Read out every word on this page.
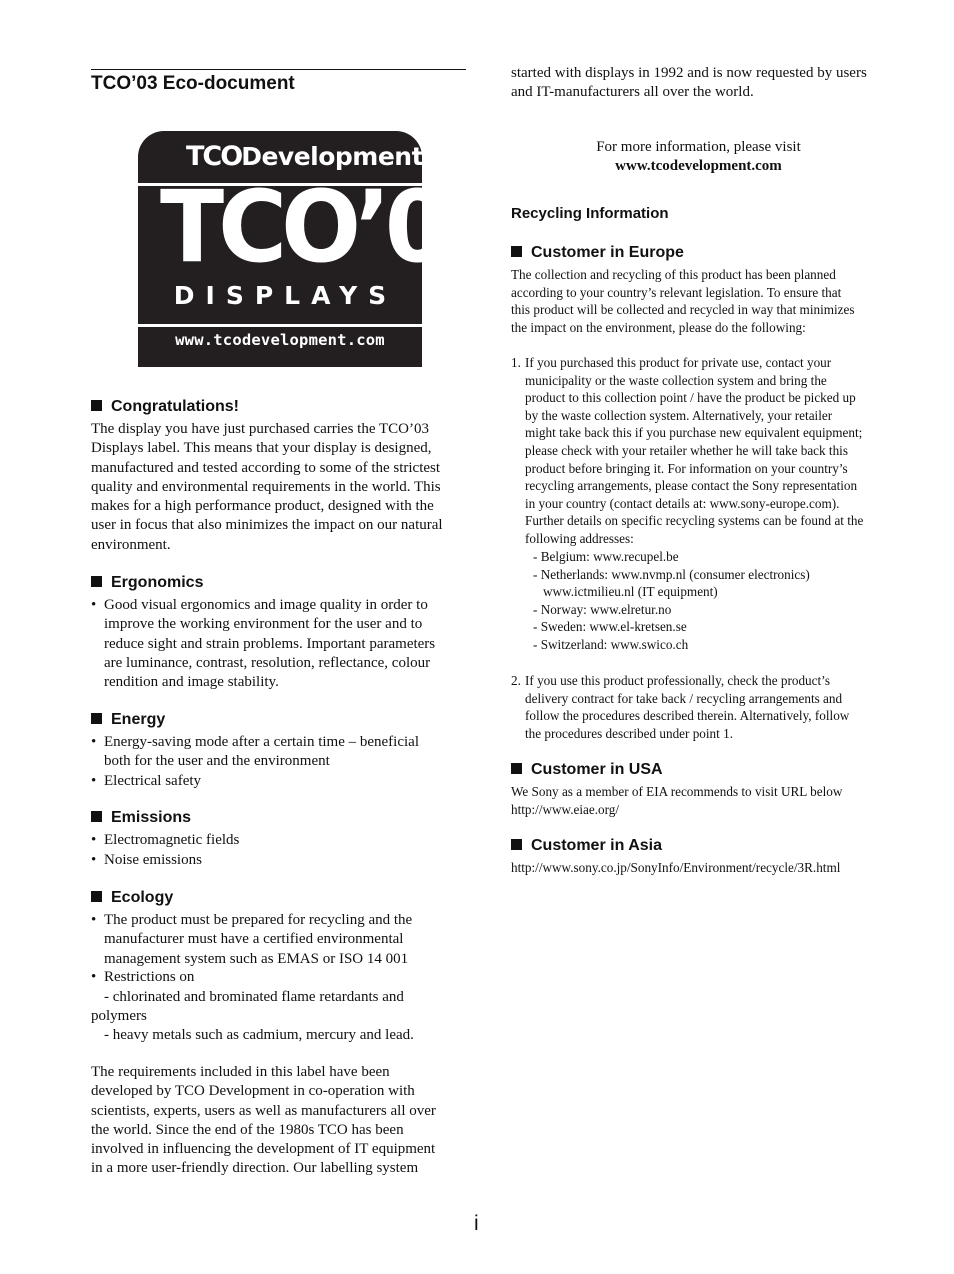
TCO’03 Eco-document
TCODevelopment
TCO’03
DISPLAYS
www.tcodevelopment.com
Congratulations!
The display you have just purchased carries the TCO’03
Displays label. This means that your display is designed,
manufactured and tested according to some of the strictest
quality and environmental requirements in the world. This
makes for a high performance product, designed with the
user in focus that also minimizes the impact on our natural
environment.
Ergonomics
• Good visual ergonomics and image quality in order to
improve the working environment for the user and to
reduce sight and strain problems. Important parameters
are luminance, contrast, resolution, reflectance, colour
rendition and image stability.
Energy
• Energy-saving mode after a certain time – beneficial
both for the user and the environment
• Electrical safety
Emissions
• Electromagnetic fields
• Noise emissions
Ecology
• The product must be prepared for recycling and the
manufacturer must have a certified environmental
management system such as EMAS or ISO 14 001
• Restrictions on
- chlorinated and brominated flame retardants and
polymers
- heavy metals such as cadmium, mercury and lead.
The requirements included in this label have been
developed by TCO Development in co-operation with
scientists, experts, users as well as manufacturers all over
the world. Since the end of the 1980s TCO has been
involved in influencing the development of IT equipment
in a more user-friendly direction. Our labelling system
started with displays in 1992 and is now requested by users
and IT-manufacturers all over the world.
For more information, please visit
www.tcodevelopment.com
Recycling Information
Customer in Europe
The collection and recycling of this product has been planned
according to your country’s relevant legislation. To ensure that
this product will be collected and recycled in way that minimizes
the impact on the environment, please do the following:
1. If you purchased this product for private use, contact your
municipality or the waste collection system and bring the
product to this collection point / have the product be picked up
by the waste collection system. Alternatively, your retailer
might take back this if you purchase new equivalent equipment;
please check with your retailer whether he will take back this
product before bringing it. For information on your country’s
recycling arrangements, please contact the Sony representation
in your country (contact details at: www.sony-europe.com).
Further details on specific recycling systems can be found at the
following addresses:
- Belgium: www.recupel.be
- Netherlands: www.nvmp.nl (consumer electronics)
www.ictmilieu.nl (IT equipment)
- Norway: www.elretur.no
- Sweden: www.el-kretsen.se
- Switzerland: www.swico.ch
2. If you use this product professionally, check the product’s
delivery contract for take back / recycling arrangements and
follow the procedures described therein. Alternatively, follow
the procedures described under point 1.
Customer in USA
We Sony as a member of EIA recommends to visit URL below
http://www.eiae.org/
Customer in Asia
http://www.sony.co.jp/SonyInfo/Environment/recycle/3R.html
i
